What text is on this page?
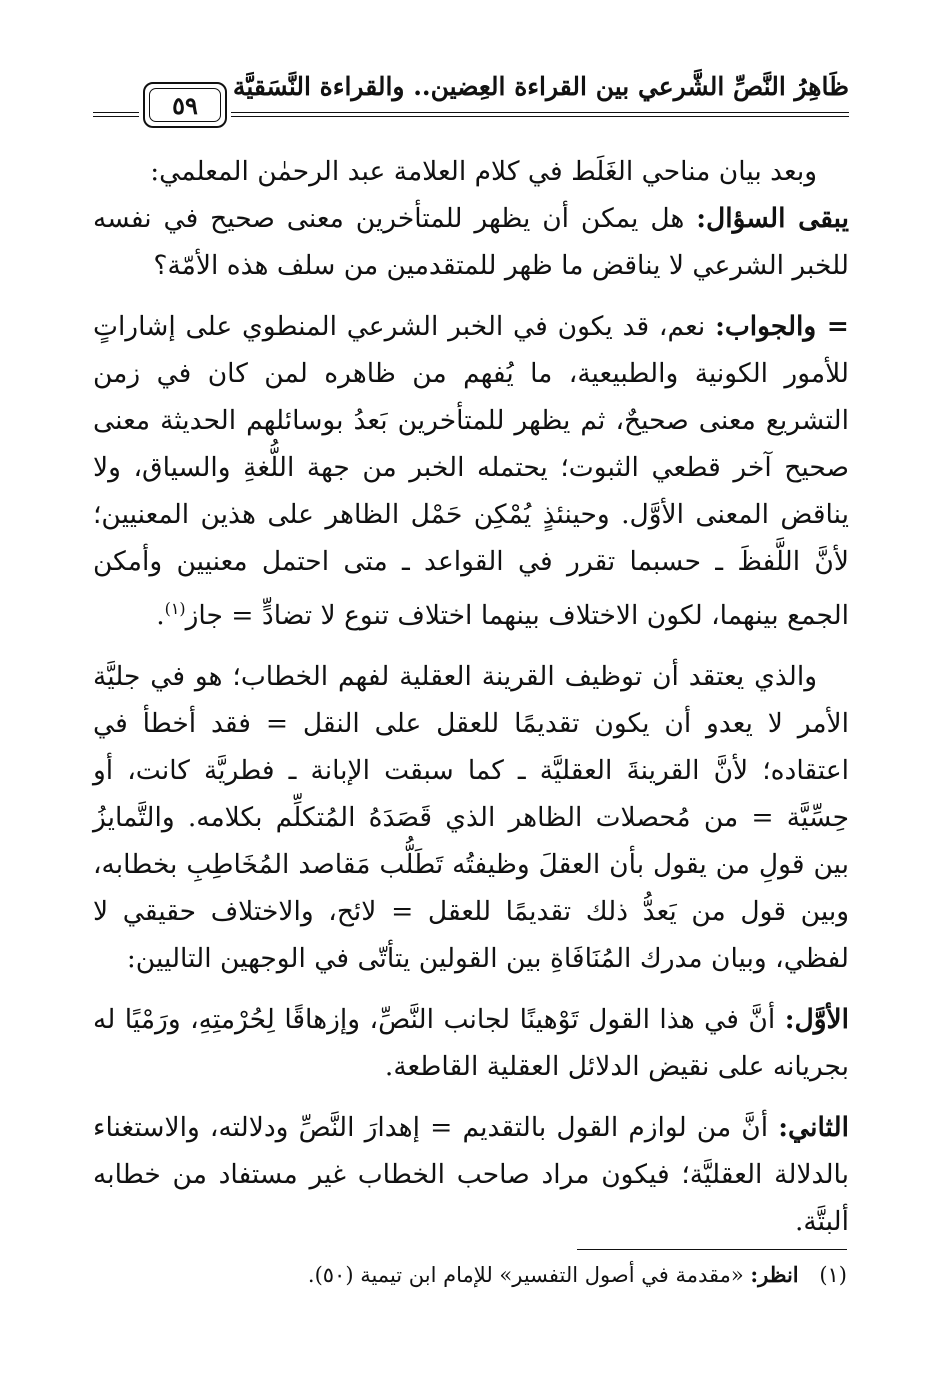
ظَاهِرُ النَّصِّ الشَّرعي بين القراءة العِضين.. والقراءة النَّسَقيَّة
٥٩

وبعد بيان مناحي الغَلَط في كلام العلامة عبد الرحمٰن المعلمي:

يبقى السؤال: هل يمكن أن يظهر للمتأخرين معنى صحيح في نفسه للخبر الشرعي لا يناقض ما ظهر للمتقدمين من سلف هذه الأمّة؟

= والجواب: نعم، قد يكون في الخبر الشرعي المنطوي على إشاراتٍ للأمور الكونية والطبيعية، ما يُفهم من ظاهره لمن كان في زمن التشريع معنى صحيحٌ، ثم يظهر للمتأخرين بَعدُ بوسائلهم الحديثة معنى صحيح آخر قطعي الثبوت؛ يحتمله الخبر من جهة اللُّغةِ والسياق، ولا يناقض المعنى الأوَّل. وحينئذٍ يُمْكِن حَمْل الظاهر على هذين المعنيين؛ لأنَّ اللَّفظَ ـ حسبما تقرر في القواعد ـ متى احتمل معنيين وأمكن الجمع بينهما، لكون الاختلاف بينهما اختلاف تنوع لا تضادٍّ = جاز$^{(١)}$.

والذي يعتقد أن توظيف القرينة العقلية لفهم الخطاب؛ هو في جليَّة الأمر لا يعدو أن يكون تقديمًا للعقل على النقل = فقد أخطأ في اعتقاده؛ لأنَّ القرينةَ العقليَّة ـ كما سبقت الإبانة ـ فطريَّة كانت، أو حِسِّيَّة = من مُحصلات الظاهر الذي قَصَدَهُ المُتكلِّم بكلامه. والتَّمايزُ بين قولِ من يقول بأن العقلَ وظيفتُه تَطَلُّب مَقاصد المُخَاطِبِ بخطابه، وبين قول من يَعدُّ ذلك تقديمًا للعقل = لائح، والاختلاف حقيقي لا لفظي، وبيان مدرك المُنَافَاةِ بين القولين يتأتّى في الوجهين التاليين:

الأوَّل: أنَّ في هذا القول تَوْهينًا لجانب النَّصِّ، وإزهاقًا لِحُرْمتِهِ، ورَمْيًا له بجريانه على نقيض الدلائل العقلية القاطعة.

الثاني: أنَّ من لوازم القول بالتقديم = إهدارَ النَّصِّ ودلالته، والاستغناء بالدلالة العقليَّة؛ فيكون مراد صاحب الخطاب غير مستفاد من خطابه ألبتَّة.

(١) انظر: «مقدمة في أصول التفسير» للإمام ابن تيمية (٥٠).
